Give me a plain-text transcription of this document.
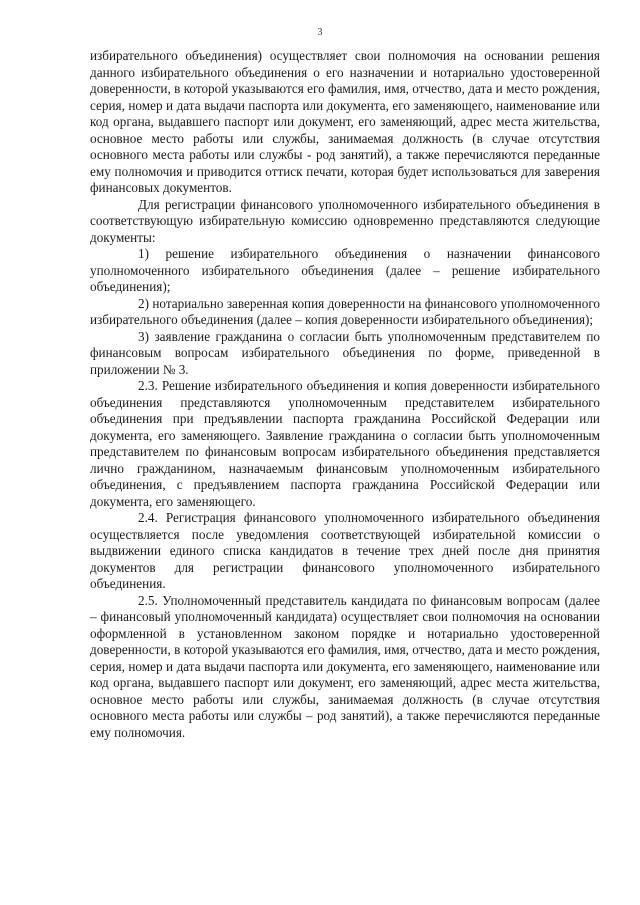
3

избирательного объединения) осуществляет свои полномочия на основании решения данного избирательного объединения о его назначении и нотариально удостоверенной доверенности, в которой указываются его фамилия, имя, отчество, дата и место рождения, серия, номер и дата выдачи паспорта или документа, его заменяющего, наименование или код органа, выдавшего паспорт или документ, его заменяющий, адрес места жительства, основное место работы или службы, занимаемая должность (в случае отсутствия основного места работы или службы - род занятий), а также перечисляются переданные ему полномочия и приводится оттиск печати, которая будет использоваться для заверения финансовых документов.

Для регистрации финансового уполномоченного избирательного объединения в соответствующую избирательную комиссию одновременно представляются следующие документы:

1) решение избирательного объединения о назначении финансового уполномоченного избирательного объединения (далее – решение избирательного объединения);

2) нотариально заверенная копия доверенности на финансового уполномоченного избирательного объединения (далее – копия доверенности избирательного объединения);

3) заявление гражданина о согласии быть уполномоченным представителем по финансовым вопросам избирательного объединения по форме, приведенной в приложении № 3.

2.3. Решение избирательного объединения и копия доверенности избирательного объединения представляются уполномоченным представителем избирательного объединения при предъявлении паспорта гражданина Российской Федерации или документа, его заменяющего. Заявление гражданина о согласии быть уполномоченным представителем по финансовым вопросам избирательного объединения представляется лично гражданином, назначаемым финансовым уполномоченным избирательного объединения, с предъявлением паспорта гражданина Российской Федерации или документа, его заменяющего.

2.4. Регистрация финансового уполномоченного избирательного объединения осуществляется после уведомления соответствующей избирательной комиссии о выдвижении единого списка кандидатов в течение трех дней после дня принятия документов для регистрации финансового уполномоченного избирательного объединения.

2.5. Уполномоченный представитель кандидата по финансовым вопросам (далее – финансовый уполномоченный кандидата) осуществляет свои полномочия на основании оформленной в установленном законом порядке и нотариально удостоверенной доверенности, в которой указываются его фамилия, имя, отчество, дата и место рождения, серия, номер и дата выдачи паспорта или документа, его заменяющего, наименование или код органа, выдавшего паспорт или документ, его заменяющий, адрес места жительства, основное место работы или службы, занимаемая должность (в случае отсутствия основного места работы или службы – род занятий), а также перечисляются переданные ему полномочия.
